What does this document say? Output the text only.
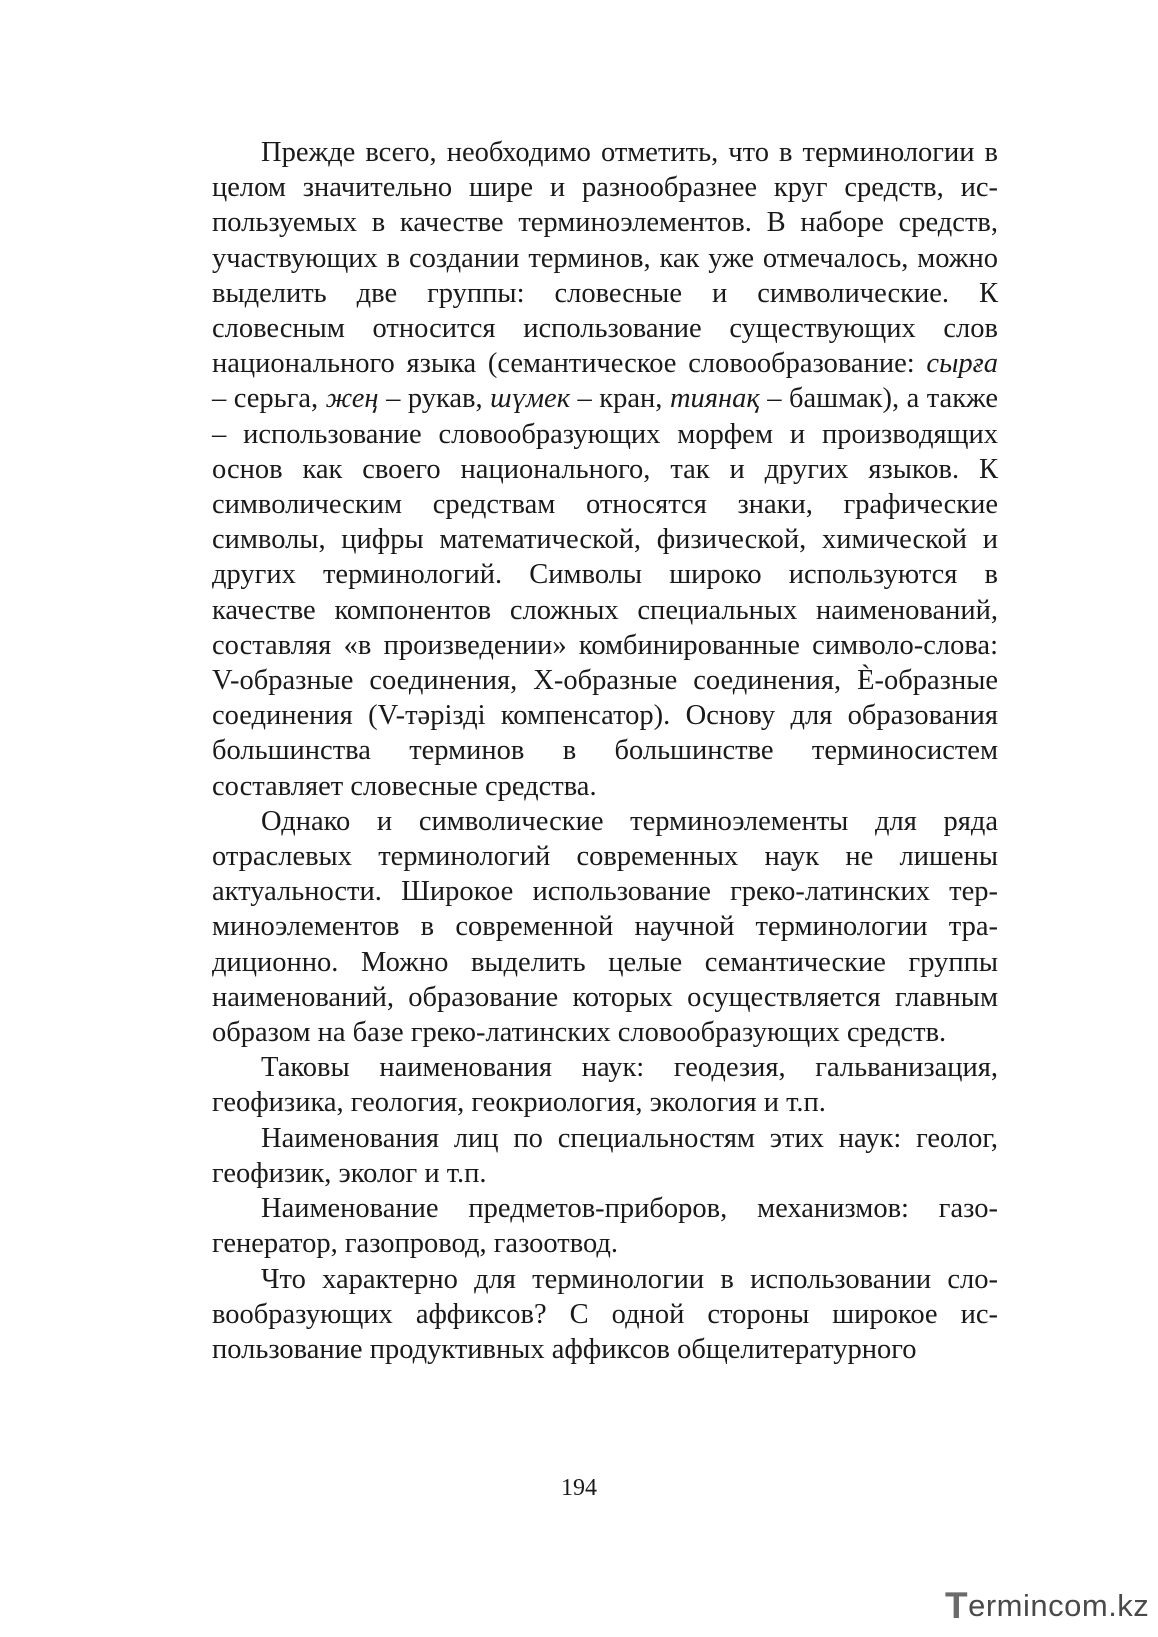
Прежде всего, необходимо отметить, что в терминологии в целом значительно шире и разнообразнее круг средств, используемых в качестве терминоэлементов. В наборе средств, участвующих в создании терминов, как уже отмечалось, можно выделить две группы: словесные и символические. К словесным относится использование существующих слов национального языка (семантическое словообразование: сырға – серьга, жең – рукав, шүмек – кран, тиянақ – башмак), а также – использование словообразующих морфем и производящих основ как своего национального, так и других языков. К символическим средствам относятся знаки, графические символы, цифры математической, физической, химической и других терминологий. Символы широко используются в качестве компонентов сложных специальных наименований, составляя «в произведении» комбинированные символо-слова: V-образные соединения, Х-образные соединения, Ѐ-образные соединения (V-тәрізді компенсатор). Основу для образования большинства терминов в большинстве терминосистем составляет словесные средства.

Однако и символические терминоэлементы для ряда отраслевых терминологий современных наук не лишены актуальности. Широкое использование греко-латинских терминоэлементов в современной научной терминологии традиционно. Можно выделить целые семантические группы наименований, образование которых осуществляется главным образом на базе греко-латинских словообразующих средств.

Таковы наименования наук: геодезия, гальванизация, геофизика, геология, геокриология, экология и т.п.

Наименования лиц по специальностям этих наук: геолог, геофизик, эколог и т.п.

Наименование предметов-приборов, механизмов: газогенератор, газопровод, газоотвод.

Что характерно для терминологии в использовании словообразующих аффиксов? С одной стороны широкое использование продуктивных аффиксов общелитературного

194
T ermincom.kz
